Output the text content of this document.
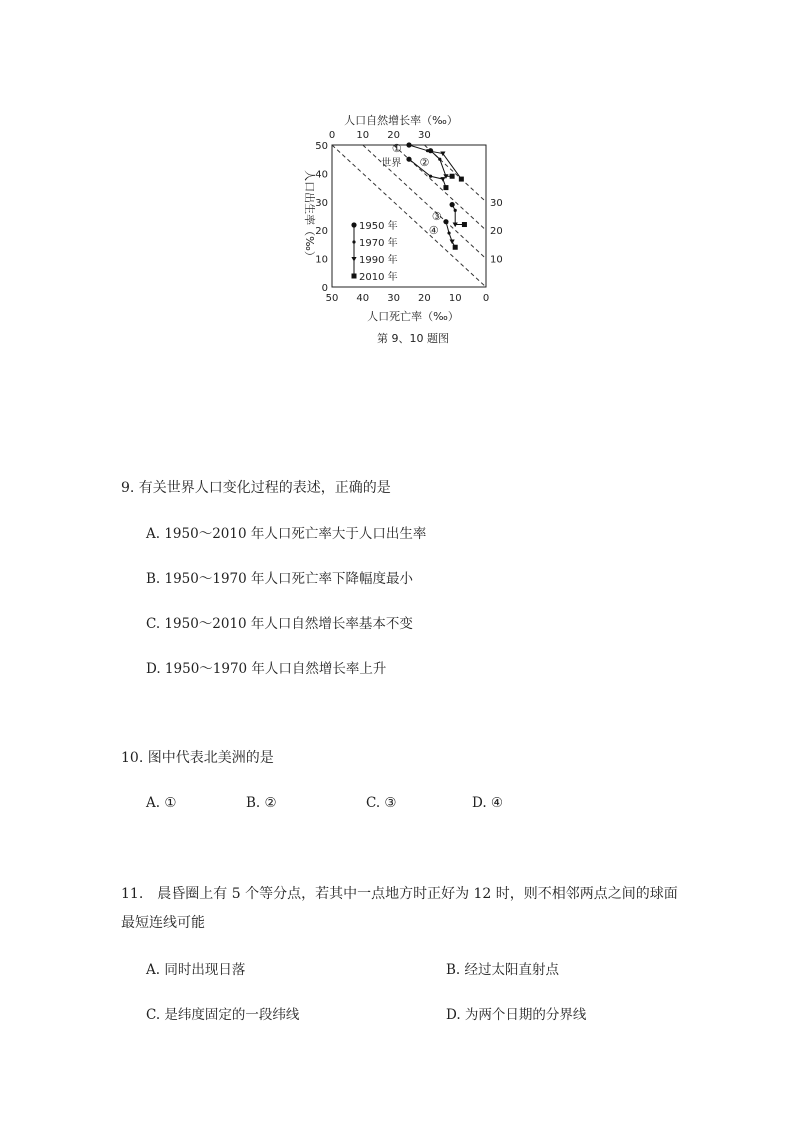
人口自然增长率（‰）
0 10 20 30
50
40
30
20
10
0
50 40 30 20 10 0
30
20
10
人口出生率（‰）
人口死亡率（‰）
第 9、10 题图
①
②
③
④
世界
1950 年
1970 年
1990 年
2010 年
9. 有关世界人口变化过程的表述，正确的是
A. 1950～2010 年人口死亡率大于人口出生率
B. 1950～1970 年人口死亡率下降幅度最小
C. 1950～2010 年人口自然增长率基本不变
D. 1950～1970 年人口自然增长率上升
10. 图中代表北美洲的是
A. ①	B. ②	C. ③	D. ④
11.　晨昏圈上有 5 个等分点，若其中一点地方时正好为 12 时，则不相邻两点之间的球面
最短连线可能
A. 同时出现日落	B. 经过太阳直射点
C. 是纬度固定的一段纬线	D. 为两个日期的分界线
